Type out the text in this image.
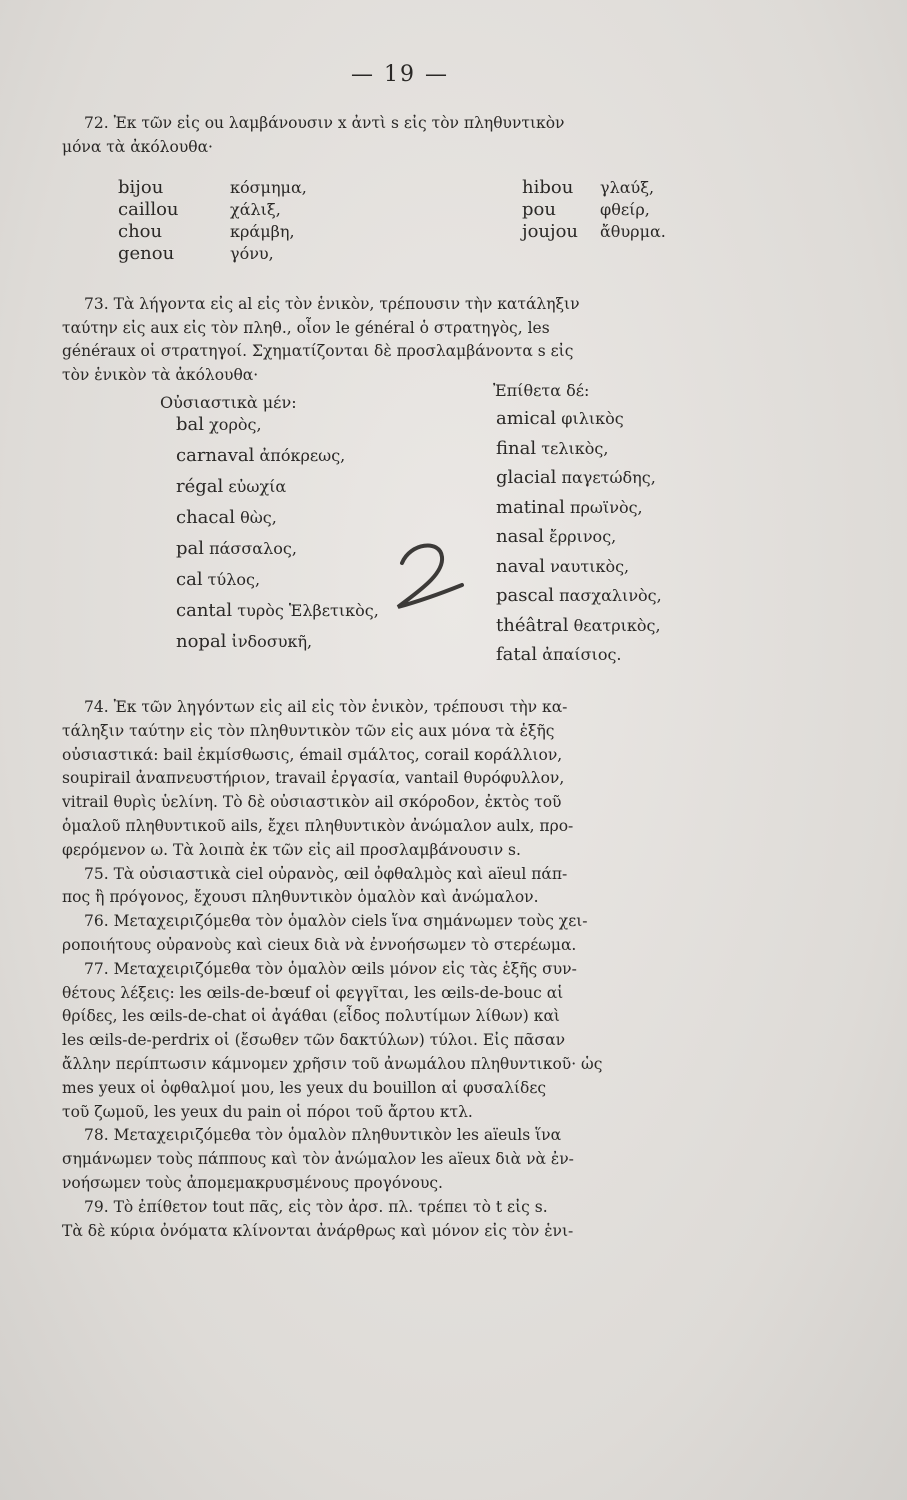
— 19 —
72. Ἐκ τῶν εἰς ou λαμβάνουσιν x ἀντὶ s εἰς τὸν πληθυντικὸν
μόνα τὰ ἀκόλουθα·
bijou	κόσμημα,
caillou	χάλιξ,
chou	κράμβη,
genou	γόνυ,
hibou γλαύξ,
pou	φθείρ,
joujou ἄθυρμα.
73. Τὰ λήγοντα εἰς al εἰς τὸν ἑνικὸν, τρέπουσιν τὴν κατάληξιν
ταύτην εἰς aux εἰς τὸν πληθ., οἷον le général ὁ στρατηγὸς, les
généraux οἱ στρατηγοί. Σχηματίζονται δὲ προσλαμβάνοντα s εἰς
τὸν ἑνικὸν τὰ ἀκόλουθα·
Οὐσιαστικὰ μέν:
Ἐπίθετα δέ:
bal χορὸς,
carnaval ἀπόκρεως,
régal εὐωχία
chacal θὼς,
pal πάσσαλος,
cal τύλος,
cantal τυρὸς Ἑλβετικὸς,
nopal ἰνδοσυκῆ,
amical φιλικὸς
final τελικὸς,
glacial παγετώδης,
matinal πρωϊνὸς,
nasal ἔρρινος,
naval ναυτικὸς,
pascal πασχαλινὸς,
théâtral θεατρικὸς,
fatal ἀπαίσιος.
74. Ἐκ τῶν ληγόντων εἰς ail εἰς τὸν ἑνικὸν, τρέπουσι τὴν κα-
τάληξιν ταύτην εἰς τὸν πληθυντικὸν τῶν εἰς aux μόνα τὰ ἑξῆς
οὐσιαστικά: bail ἐκμίσθωσις, émail σμάλτος, corail κοράλλιον,
soupirail ἀναπνευστήριον, travail ἐργασία, vantail θυρόφυλλον,
vitrail θυρὶς ὑελίνη. Τὸ δὲ οὐσιαστικὸν ail σκόροδον, ἐκτὸς τοῦ
ὁμαλοῦ πληθυντικοῦ ails, ἔχει πληθυντικὸν ἀνώμαλον aulx, προ-
φερόμενον ω. Τὰ λοιπὰ ἐκ τῶν εἰς ail προσλαμβάνουσιν s.
75. Τὰ οὐσιαστικὰ ciel οὐρανὸς, œil ὀφθαλμὸς καὶ aïeul πάπ-
πος ἢ πρόγονος, ἔχουσι πληθυντικὸν ὁμαλὸν καὶ ἀνώμαλον.
76. Μεταχειριζόμεθα τὸν ὁμαλὸν ciels ἵνα σημάνωμεν τοὺς χει-
ροποιήτους οὐρανοὺς καὶ cieux διὰ νὰ ἐννοήσωμεν τὸ στερέωμα.
77. Μεταχειριζόμεθα τὸν ὁμαλὸν œils μόνον εἰς τὰς ἑξῆς συν-
θέτους λέξεις: les œils-de-bœuf οἱ φεγγῖται, les œils-de-bouc αἱ
θρίδες, les œils-de-chat οἱ ἀγάθαι (εἶδος πολυτίμων λίθων) καὶ
les œils-de-perdrix οἱ (ἔσωθεν τῶν δακτύλων) τύλοι. Εἰς πᾶσαν
ἄλλην περίπτωσιν κάμνομεν χρῆσιν τοῦ ἀνωμάλου πληθυντικοῦ· ὡς
mes yeux οἱ ὀφθαλμοί μου, les yeux du bouillon αἱ φυσαλίδες
τοῦ ζωμοῦ, les yeux du pain οἱ πόροι τοῦ ἄρτου κτλ.
78. Μεταχειριζόμεθα τὸν ὁμαλὸν πληθυντικὸν les aïeuls ἵνα
σημάνωμεν τοὺς πάππους καὶ τὸν ἀνώμαλον les aïeux διὰ νὰ ἐν-
νοήσωμεν τοὺς ἀπομεμακρυσμένους προγόνους.
79. Τὸ ἐπίθετον tout πᾶς, εἰς τὸν ἀρσ. πλ. τρέπει τὸ t εἰς s.
Τὰ δὲ κύρια ὀνόματα κλίνονται ἀνάρθρως καὶ μόνον εἰς τὸν ἑνι-
